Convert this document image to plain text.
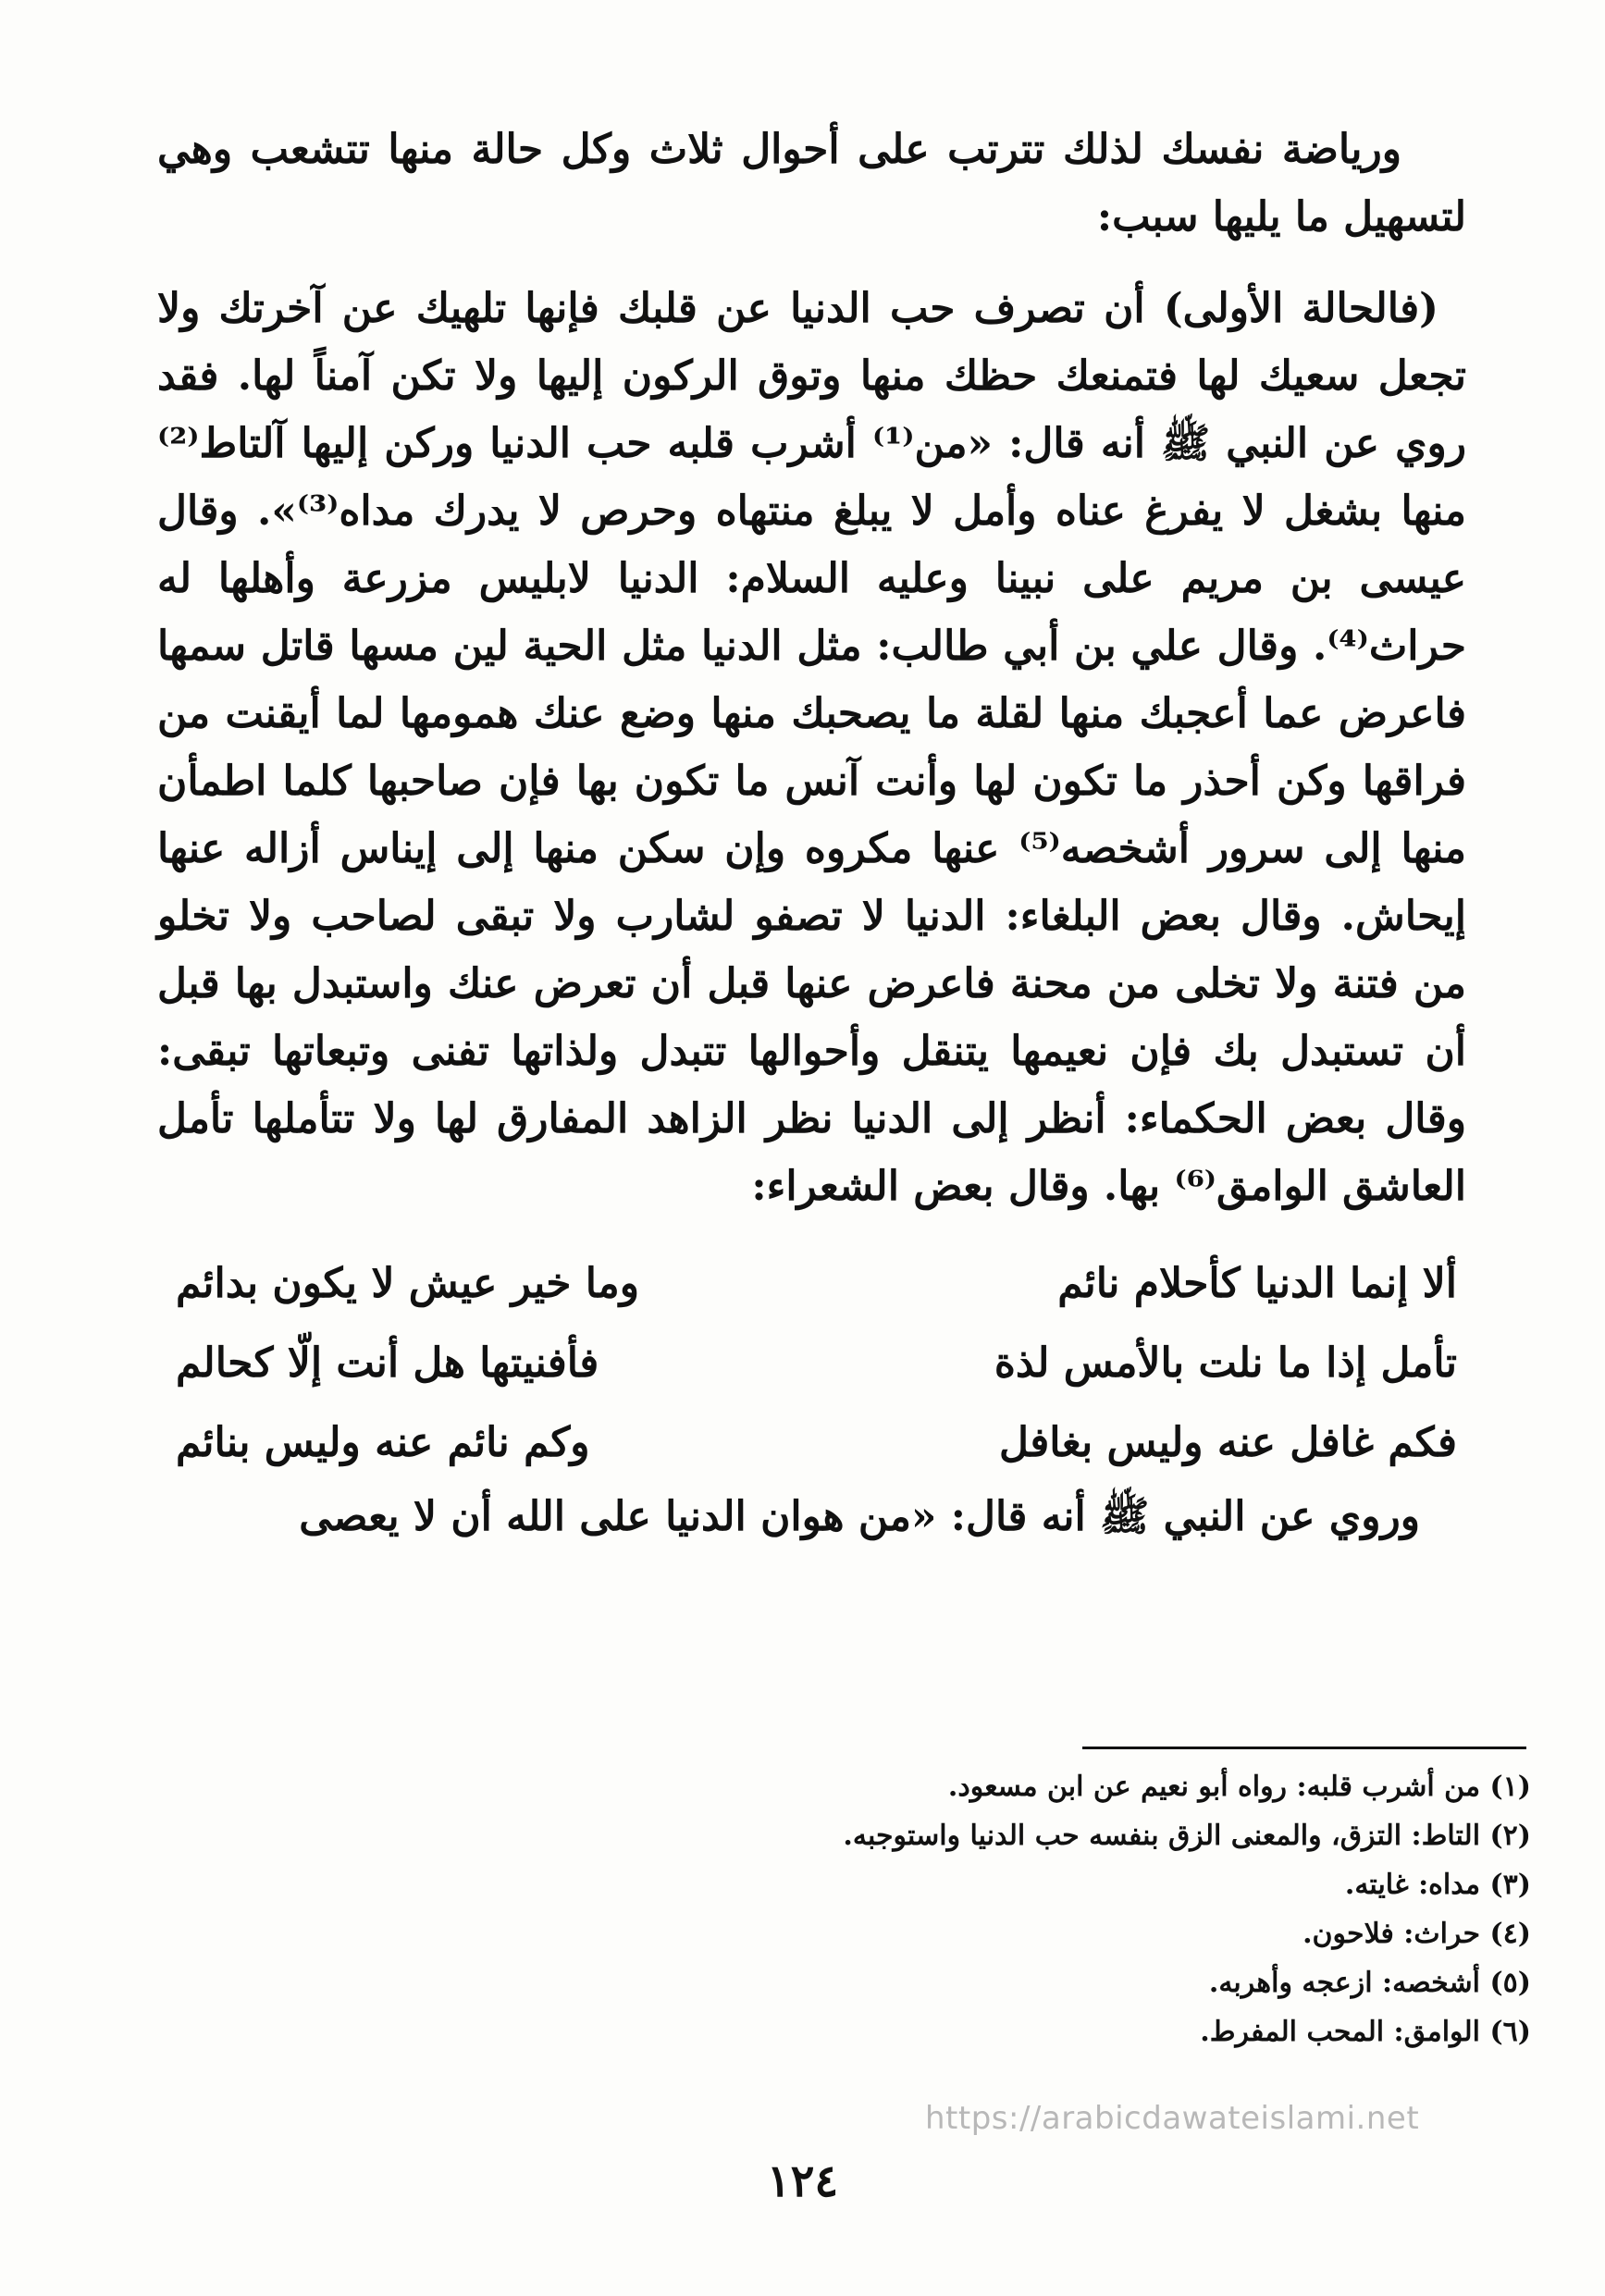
ورياضة نفسك لذلك تترتب على أحوال ثلاث وكل حالة منها تتشعب وهي لتسهيل ما يليها سبب:

(فالحالة الأولى) أن تصرف حب الدنيا عن قلبك فإنها تلهيك عن آخرتك ولا تجعل سعيك لها فتمنعك حظك منها وتوق الركون إليها ولا تكن آمناً لها. فقد روي عن النبي ﷺ أنه قال: «من⁽¹⁾ أشرب قلبه حب الدنيا وركن إليها آلتاط⁽²⁾ منها بشغل لا يفرغ عناه وأمل لا يبلغ منتهاه وحرص لا يدرك مداه⁽³⁾». وقال عيسى بن مريم على نبينا وعليه السلام: الدنيا لابليس مزرعة وأهلها له حراث⁽⁴⁾. وقال علي بن أبي طالب: مثل الدنيا مثل الحية لين مسها قاتل سمها فاعرض عما أعجبك منها لقلة ما يصحبك منها وضع عنك همومها لما أيقنت من فراقها وكن أحذر ما تكون لها وأنت آنس ما تكون بها فإن صاحبها كلما اطمأن منها إلى سرور أشخصه⁽⁵⁾ عنها مكروه وإن سكن منها إلى إيناس أزاله عنها إيحاش. وقال بعض البلغاء: الدنيا لا تصفو لشارب ولا تبقى لصاحب ولا تخلو من فتنة ولا تخلى من محنة فاعرض عنها قبل أن تعرض عنك واستبدل بها قبل أن تستبدل بك فإن نعيمها يتنقل وأحوالها تتبدل ولذاتها تفنى وتبعاتها تبقى: وقال بعض الحكماء: أنظر إلى الدنيا نظر الزاهد المفارق لها ولا تتأملها تأمل العاشق الوامق⁽⁶⁾ بها. وقال بعض الشعراء:

ألا إنما الدنيا كأحلام نائم
وما خير عيش لا يكون بدائم
تأمل إذا ما نلت بالأمس لذة
فأفنيتها هل أنت إلّا كحالم
فكم غافل عنه وليس بغافل
وكم نائم عنه وليس بنائم

وروي عن النبي ﷺ أنه قال: «من هوان الدنيا على الله أن لا يعصى

(١) من أشرب قلبه: رواه أبو نعيم عن ابن مسعود.
(٢) التاط: التزق، والمعنى الزق بنفسه حب الدنيا واستوجبه.
(٣) مداه: غايته.
(٤) حراث: فلاحون.
(٥) أشخصه: ازعجه وأهربه.
(٦) الوامق: المحب المفرط.
https://arabicdawateislami.net
١٢٤
